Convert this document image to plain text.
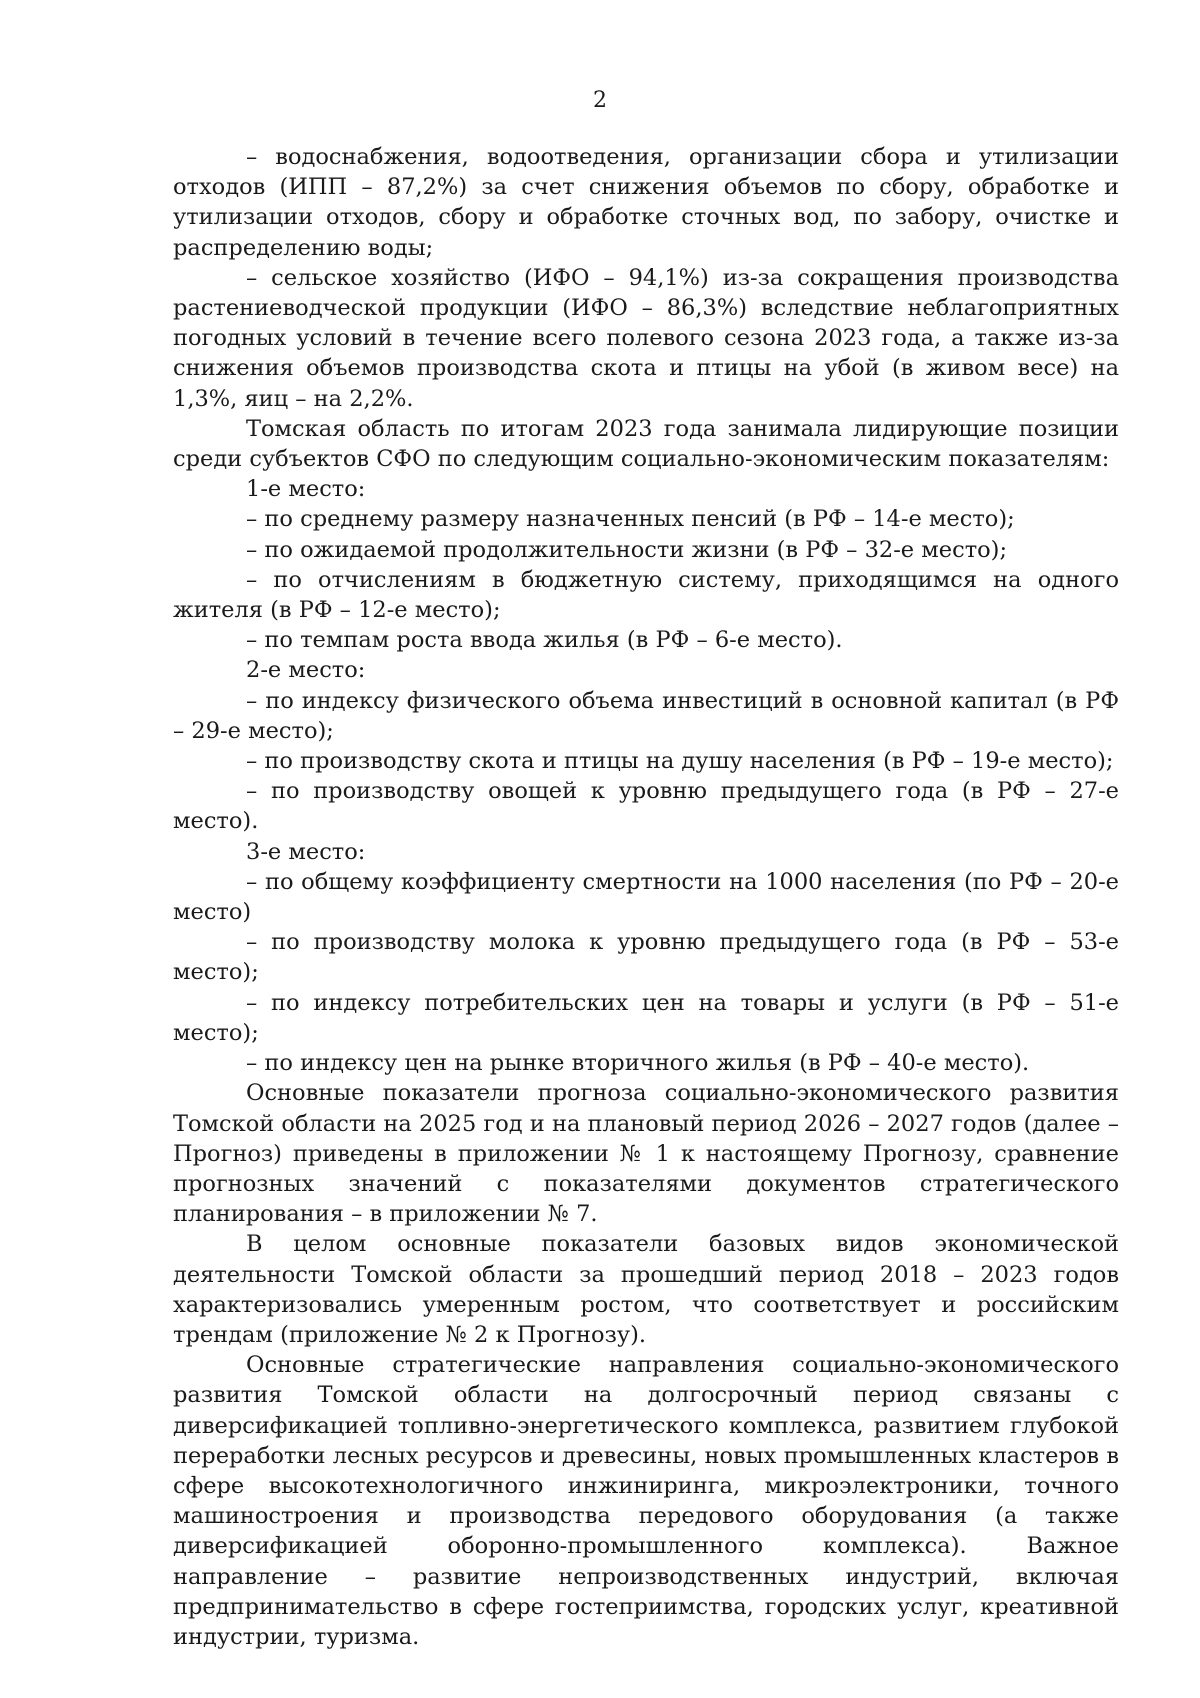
2

– водоснабжения, водоотведения, организации сбора и утилизации отходов (ИПП – 87,2%) за счет снижения объемов по сбору, обработке и утилизации отходов, сбору и обработке сточных вод, по забору, очистке и распределению воды;

– сельское хозяйство (ИФО – 94,1%) из-за сокращения производства растениеводческой продукции (ИФО – 86,3%) вследствие неблагоприятных погодных условий в течение всего полевого сезона 2023 года, а также из-за снижения объемов производства скота и птицы на убой (в живом весе) на 1,3%, яиц – на 2,2%.

Томская область по итогам 2023 года занимала лидирующие позиции среди субъектов СФО по следующим социально-экономическим показателям:

1-е место:

– по среднему размеру назначенных пенсий (в РФ – 14-е место);

– по ожидаемой продолжительности жизни (в РФ – 32-е место);

– по отчислениям в бюджетную систему, приходящимся на одного жителя (в РФ – 12-е место);

– по темпам роста ввода жилья (в РФ – 6-е место).

2-е место:

– по индексу физического объема инвестиций в основной капитал (в РФ – 29-е место);

– по производству скота и птицы на душу населения (в РФ – 19-е место);

– по производству овощей к уровню предыдущего года (в РФ – 27-е место).

3-е место:

– по общему коэффициенту смертности на 1000 населения (по РФ – 20-е место)

– по производству молока к уровню предыдущего года (в РФ – 53-е место);

– по индексу потребительских цен на товары и услуги (в РФ – 51-е место);

– по индексу цен на рынке вторичного жилья (в РФ – 40-е место).

Основные показатели прогноза социально-экономического развития Томской области на 2025 год и на плановый период 2026 – 2027 годов (далее – Прогноз) приведены в приложении № 1 к настоящему Прогнозу, сравнение прогнозных значений с показателями документов стратегического планирования – в приложении № 7.

В целом основные показатели базовых видов экономической деятельности Томской области за прошедший период 2018 – 2023 годов характеризовались умеренным ростом, что соответствует и российским трендам (приложение № 2 к Прогнозу).

Основные стратегические направления социально-экономического развития Томской области на долгосрочный период связаны с диверсификацией топливно-энергетического комплекса, развитием глубокой переработки лесных ресурсов и древесины, новых промышленных кластеров в сфере высокотехнологичного инжиниринга, микроэлектроники, точного машиностроения и производства передового оборудования (а также диверсификацией оборонно-промышленного комплекса). Важное направление – развитие непроизводственных индустрий, включая предпринимательство в сфере гостеприимства, городских услуг, креативной индустрии, туризма.
